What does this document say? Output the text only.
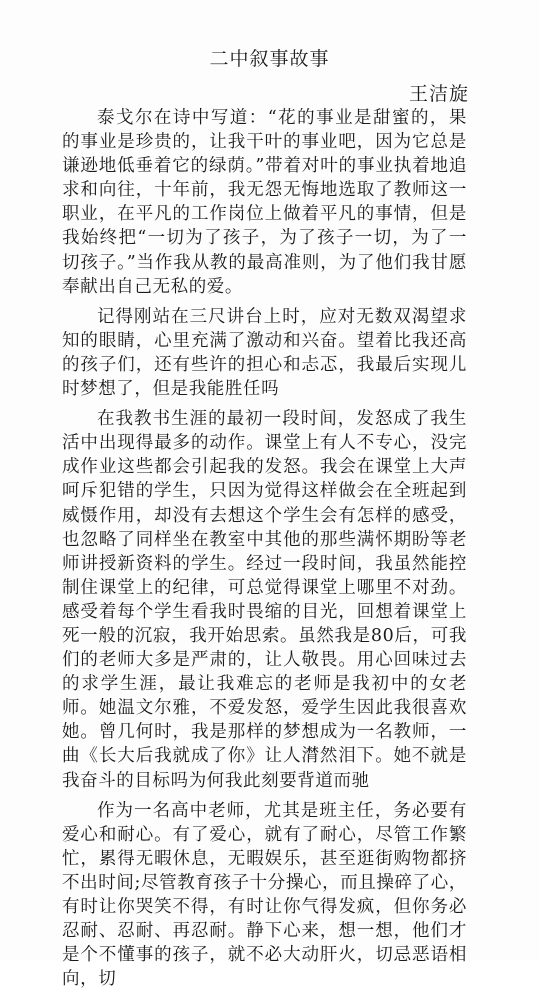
二中叙事故事
王洁旋

泰戈尔在诗中写道：“花的事业是甜蜜的，果的事业是珍贵的，让我干叶的事业吧，因为它总是谦逊地低垂着它的绿荫。”带着对叶的事业执着地追求和向往，十年前，我无怨无悔地选取了教师这一职业，在平凡的工作岗位上做着平凡的事情，但是我始终把“一切为了孩子，为了孩子一切，为了一切孩子。”当作我从教的最高准则，为了他们我甘愿奉献出自己无私的爱。

记得刚站在三尺讲台上时，应对无数双渴望求知的眼睛，心里充满了激动和兴奋。望着比我还高的孩子们，还有些许的担心和忐忑，我最后实现儿时梦想了，但是我能胜任吗

在我教书生涯的最初一段时间，发怒成了我生活中出现得最多的动作。课堂上有人不专心，没完成作业这些都会引起我的发怒。我会在课堂上大声呵斥犯错的学生，只因为觉得这样做会在全班起到威慑作用，却没有去想这个学生会有怎样的感受，也忽略了同样坐在教室中其他的那些满怀期盼等老师讲授新资料的学生。经过一段时间，我虽然能控制住课堂上的纪律，可总觉得课堂上哪里不对劲。感受着每个学生看我时畏缩的目光，回想着课堂上死一般的沉寂，我开始思索。虽然我是80后，可我们的老师大多是严肃的，让人敬畏。用心回味过去的求学生涯，最让我难忘的老师是我初中的女老师。她温文尔雅，不爱发怒，爱学生因此我很喜欢她。曾几何时，我是那样的梦想成为一名教师，一曲《长大后我就成了你》让人潸然泪下。她不就是我奋斗的目标吗为何我此刻要背道而驰

作为一名高中老师，尤其是班主任，务必要有爱心和耐心。有了爱心，就有了耐心，尽管工作繁忙，累得无暇休息，无暇娱乐，甚至逛街购物都挤不出时间;尽管教育孩子十分操心，而且操碎了心，有时让你哭笑不得，有时让你气得发疯，但你务必忍耐、忍耐、再忍耐。静下心来，想一想，他们才是个不懂事的孩子，就不必大动肝火，切忌恶语相向，切
